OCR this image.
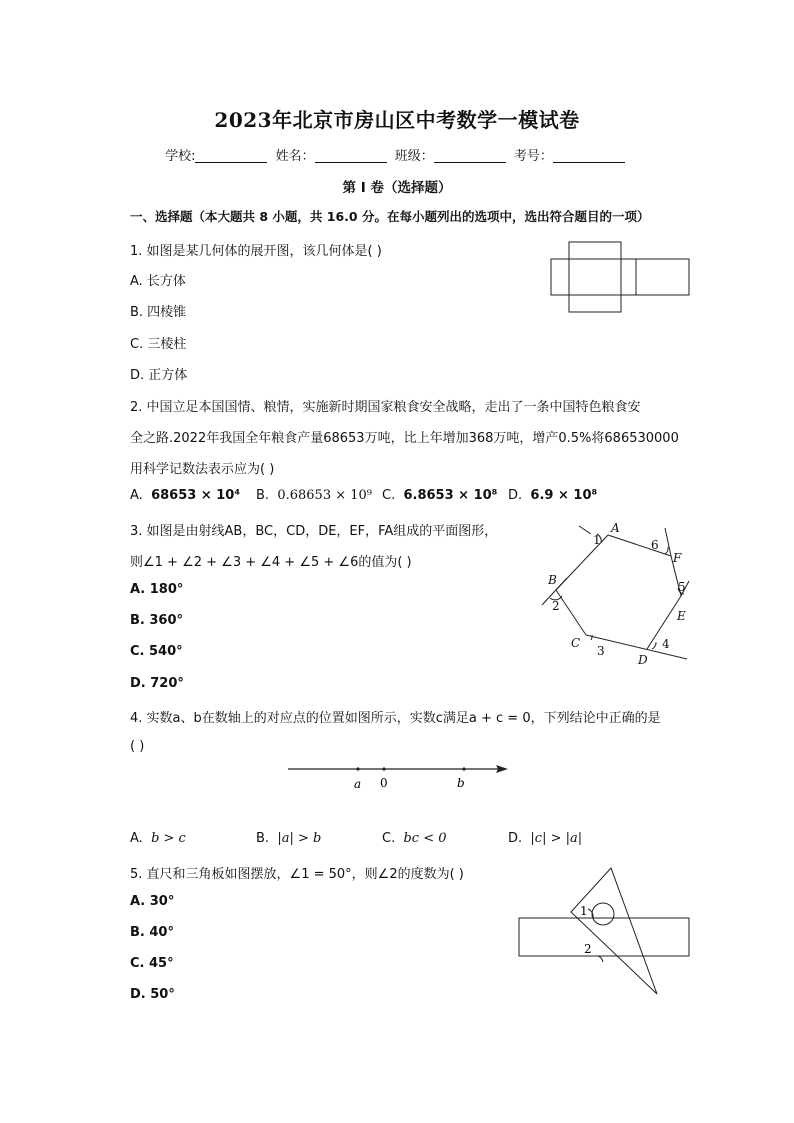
2023年北京市房山区中考数学一模试卷
学校:	姓名：	班级：	考号：
第 I 卷（选择题）
一、选择题（本大题共 8 小题，共 16.0 分。在每小题列出的选项中，选出符合题目的一项）
1. 如图是某几何体的展开图，该几何体是( )
A. 长方体
B. 四棱锥
C. 三棱柱
D. 正方体
2. 中国立足本国国情、粮情，实施新时期国家粮食安全战略，走出了一条中国特色粮食安
全之路.2022年我国全年粮食产量68653万吨，比上年增加368万吨，增产0.5%将686530000
用科学记数法表示应为( )
A. 68653 × 10⁴ B. 0.68653 × 10⁹ C. 6.8653 × 10⁸ D. 6.9 × 10⁸
3. 如图是由射线AB，BC，CD，DE，EF，FA组成的平面图形，
则∠1 + ∠2 + ∠3 + ∠4 + ∠5 + ∠6的值为( )
A. 180°
B. 360°
C. 540°
D. 720°
A
F
B
E
C
D
1	6
2
5
3	4
4. 实数a、b在数轴上的对应点的位置如图所示，实数c满足a + c = 0，下列结论中正确的是
( )
a 0	b
A. b > c	B. |a| > b	C. bc < 0	D. |c| > |a|
5. 直尺和三角板如图摆放，∠1 = 50°，则∠2的度数为( )
A. 30°
B. 40°
C. 45°
D. 50°
1
2
